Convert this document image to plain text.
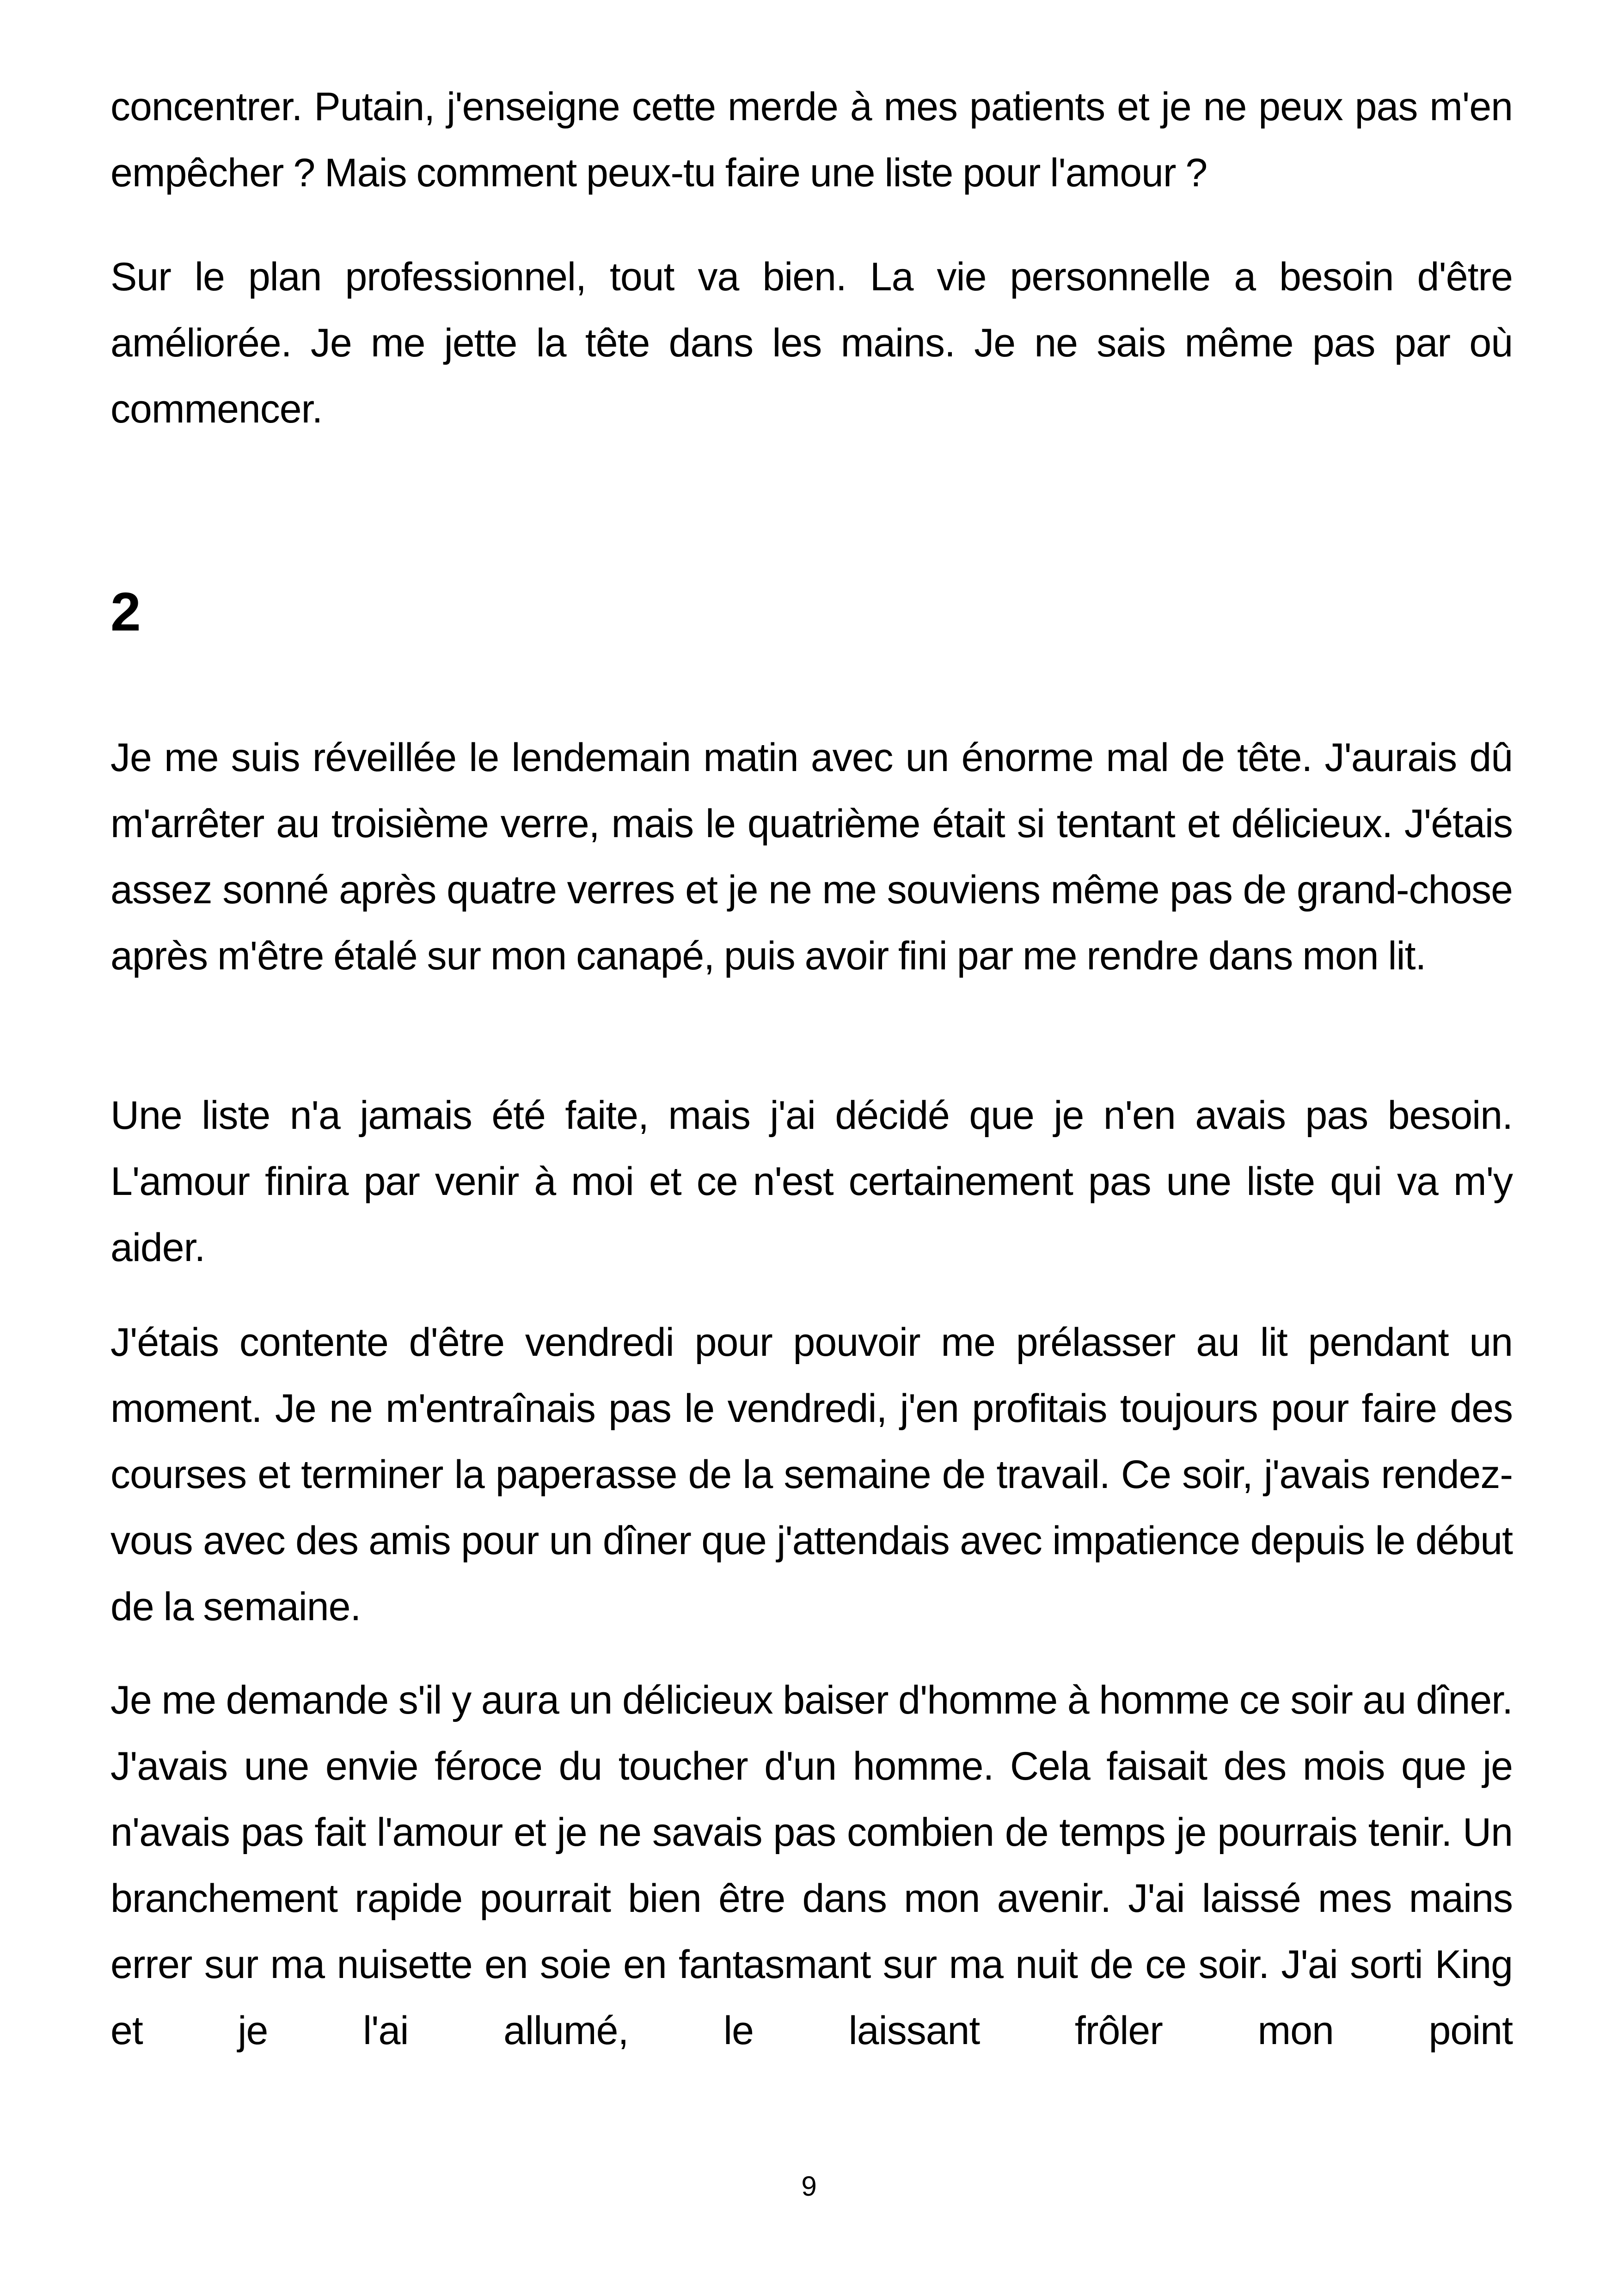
concentrer. Putain, j'enseigne cette merde à mes patients et je ne peux pas m'en empêcher ? Mais comment peux-tu faire une liste pour l'amour ?

Sur le plan professionnel, tout va bien. La vie personnelle a besoin d'être améliorée. Je me jette la tête dans les mains. Je ne sais même pas par où commencer.

2

Je me suis réveillée le lendemain matin avec un énorme mal de tête. J'aurais dû m'arrêter au troisième verre, mais le quatrième était si tentant et délicieux. J'étais assez sonné après quatre verres et je ne me souviens même pas de grand-chose après m'être étalé sur mon canapé, puis avoir fini par me rendre dans mon lit.

Une liste n'a jamais été faite, mais j'ai décidé que je n'en avais pas besoin. L'amour finira par venir à moi et ce n'est certainement pas une liste qui va m'y aider.

J'étais contente d'être vendredi pour pouvoir me prélasser au lit pendant un moment. Je ne m'entraînais pas le vendredi, j'en profitais toujours pour faire des courses et terminer la paperasse de la semaine de travail. Ce soir, j'avais rendez-vous avec des amis pour un dîner que j'attendais avec impatience depuis le début de la semaine.

Je me demande s'il y aura un délicieux baiser d'homme à homme ce soir au dîner. J'avais une envie féroce du toucher d'un homme. Cela faisait des mois que je n'avais pas fait l'amour et je ne savais pas combien de temps je pourrais tenir. Un branchement rapide pourrait bien être dans mon avenir. J'ai laissé mes mains errer sur ma nuisette en soie en fantasmant sur ma nuit de ce soir. J'ai sorti King et je l'ai allumé, le laissant frôler mon point

9
